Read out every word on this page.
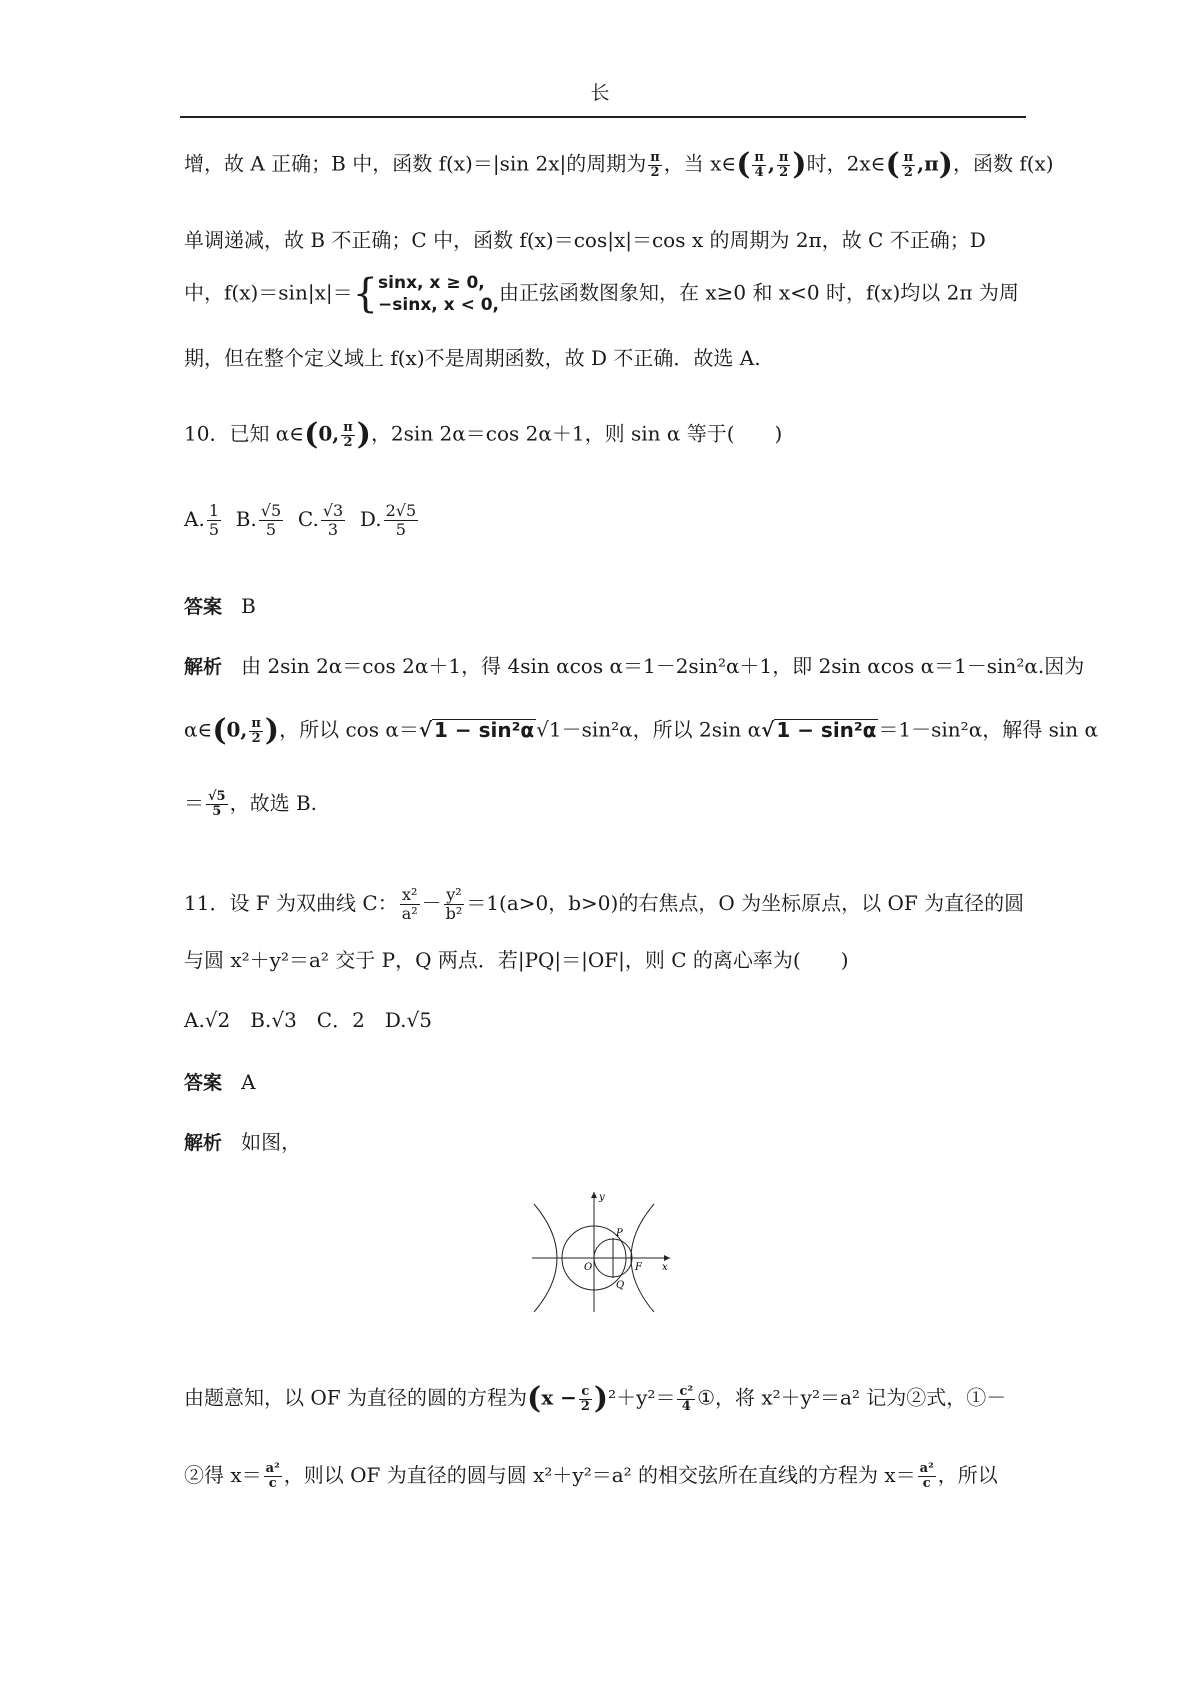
长
增，故 A 正确；B 中，函数 f(x)＝|sin 2x|的周期为 $\frac{\pi}{2}$ ，当 x∈( $\frac{\pi}{4}$ , $\frac{\pi}{2}$ )时，2x∈( $\frac{\pi}{2} ,\pi$)，函数 f(x)
单调递减，故 B 不正确；C 中，函数 f(x)＝cos|x|＝cos x 的周期为 2π，故 C 不正确；D
中，f(x)＝sin|x|＝{ sinx, x ≥ 0,
−sinx, x < 0,
由正弦函数图象知，在 x≥0 和 x<0 时，f(x)均以 2π 为周
期，但在整个定义域上 f(x)不是周期函数，故 D 不正确．故选 A.
10．已知 α∈(0, $\frac{\pi}{2}$ )，2sin 2α＝cos 2α＋1，则 sin α 等于(　　)
A. $\frac{1}{5} B$. $\frac{√5}{5} C$. $\frac{√3}{3} D$. $\frac{2√5}{5}$
答案 B
解析 由 2sin 2α＝cos 2α＋1，得 4sin αcos α＝1－2sin²α＋1，即 2sin αcos α＝1－sin²α.因为
α∈(0, $\frac{\pi}{2}$ )，所以 cos α＝√ 1 − sin²α √1－sin²α，所以 2sin α√ 1 − sin²α ＝1－sin²α，解得 sin α
＝ $\frac{√5}{5}$ ，故选 B.
11．设 F 为双曲线 C： $\frac{\text{x²}}{\text{a²}} - \frac{\text{y²}}{\text{b²}} =1(a>0$，b>0)的右焦点，O 为坐标原点，以 OF 为直径的圆
与圆 x²＋y²＝a² 交于 P，Q 两点．若|PQ|＝|OF|，则 C 的离心率为(　　)
A.√2　B.√3　C．2　D.√5
答案 A
解析 如图，
y
x
O	F
P
Q
由题意知，以 OF 为直径的圆的方程为$(x - \frac{c}{2} )^2+y^2= \frac{\text{c²}}{4}$ ①，将 x²＋y²＝a² 记为②式，①－
②得 $x= \frac{\text{a²}}{c}$ ，则以 OF 为直径的圆与圆 x²＋y²＝a² 的相交弦所在直线的方程为 $x= \frac{\text{a²}}{c}$ ，所以
